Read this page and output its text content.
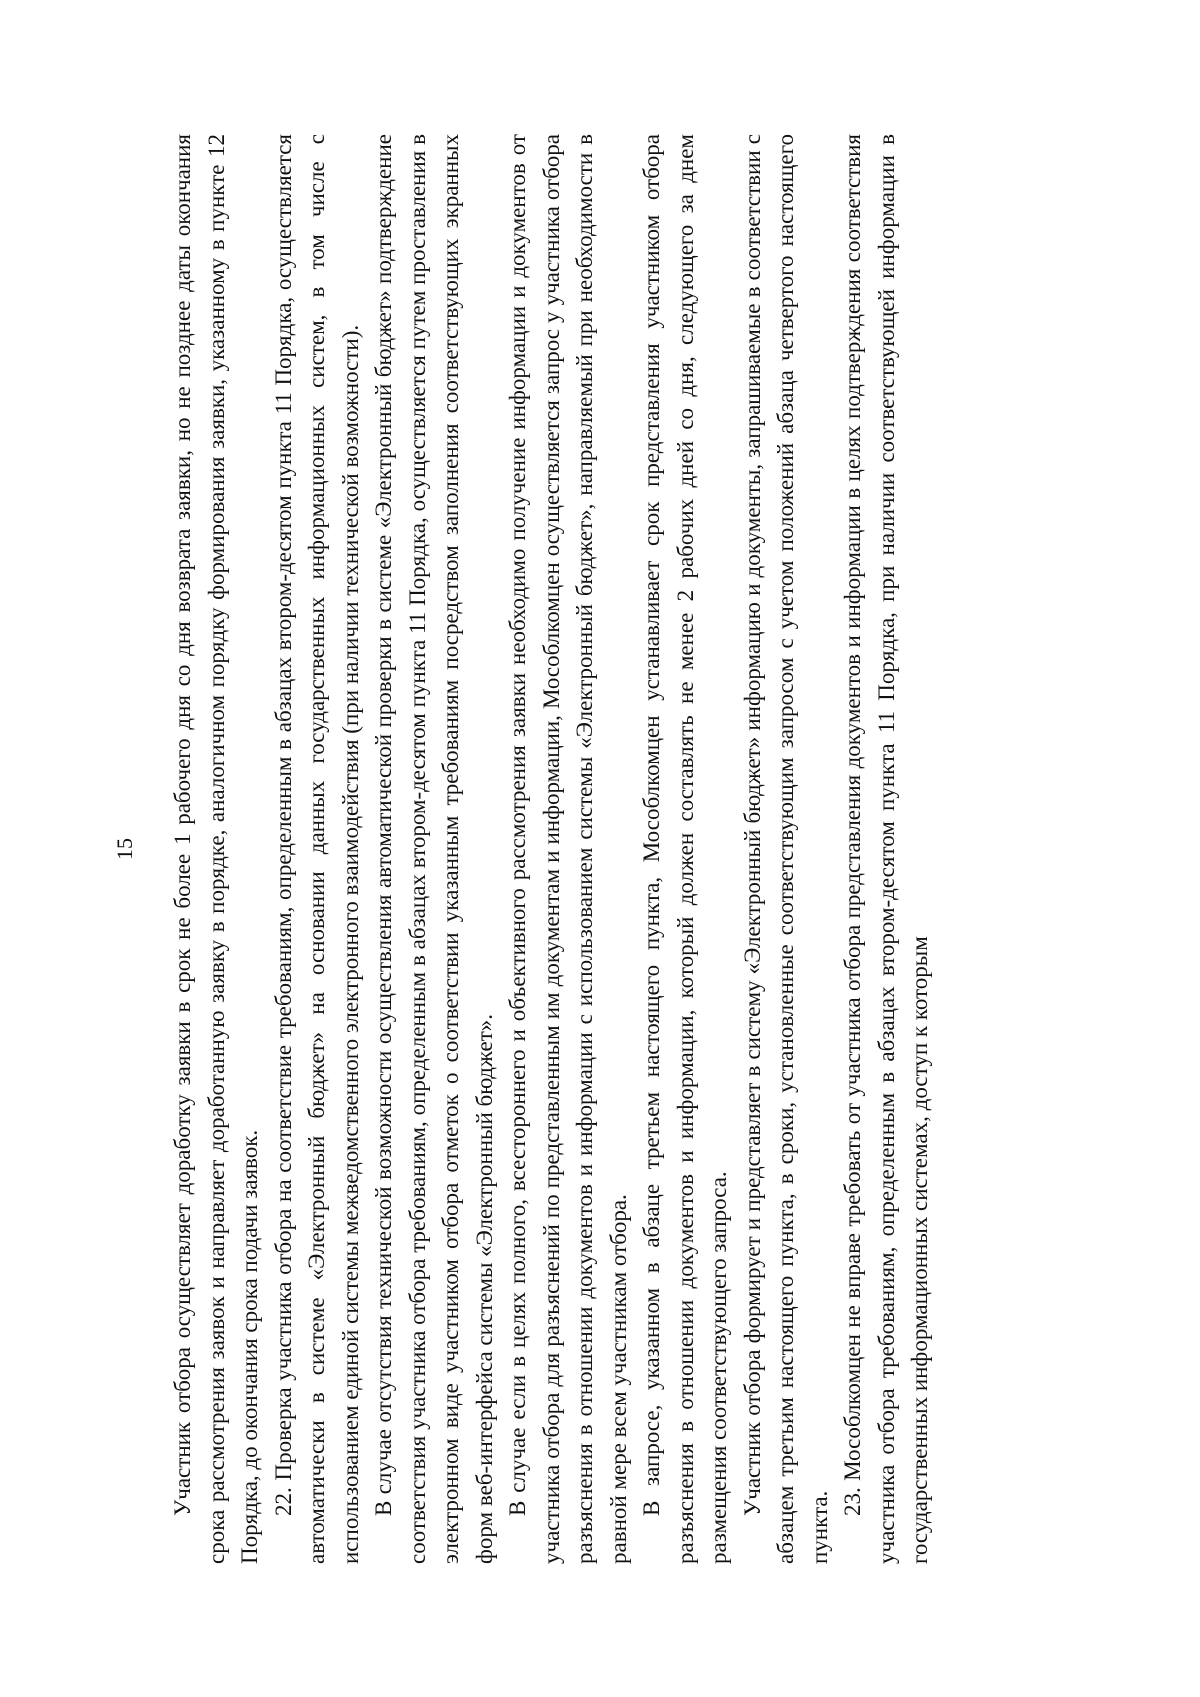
15 Участник отбора осуществляет доработку заявки в срок не более 1 рабочего дня со дня возврата заявки, но не позднее даты окончания срока рассмотрения заявок и направляет доработанную заявку в порядке, аналогичном порядку формирования заявки, указанному в пункте 12 Порядка, до окончания срока подачи заявок. 22. Проверка участника отбора на соответствие требованиям, определенным в абзацах втором-десятом пункта 11 Порядка, осуществляется автоматически в системе «Электронный бюджет» на основании данных государственных информационных систем, в том числе с использованием единой системы межведомственного электронного взаимодействия (при наличии технической возможности). В случае отсутствия технической возможности осуществления автоматической проверки в системе «Электронный бюджет» подтверждение соответствия участника отбора требованиям, определенным в абзацах втором-десятом пункта 11 Порядка, осуществляется путем проставления в электронном виде участником отбора отметок о соответствии указанным требованиям посредством заполнения соответствующих экранных форм веб-интерфейса системы «Электронный бюджет». В случае если в целях полного, всестороннего и объективного рассмотрения заявки необходимо получение информации и документов от участника отбора для разъяснений по представленным им документам и информации, Мособлкомцен осуществляется запрос у участника отбора разъяснения в отношении документов и информации с использованием системы «Электронный бюджет», направляемый при необходимости в равной мере всем участникам отбора. В запросе, указанном в абзаце третьем настоящего пункта, Мособлкомцен устанавливает срок представления участником отбора разъяснения в отношении документов и информации, который должен составлять не менее 2 рабочих дней со дня, следующего за днем размещения соответствующего запроса. Участник отбора формирует и представляет в систему «Электронный бюджет» информацию и документы, запрашиваемые в соответствии с абзацем третьим настоящего пункта, в сроки, установленные соответствующим запросом с учетом положений абзаца четвертого настоящего пункта.

23. Мособлкомцен не вправе требовать от участника отбора представления документов и информации в целях подтверждения соответствия участника отбора требованиям, определенным в абзацах втором-десятом пункта 11 Порядка, при наличии соответствующей информации в государственных информационных системах, доступ к которым
